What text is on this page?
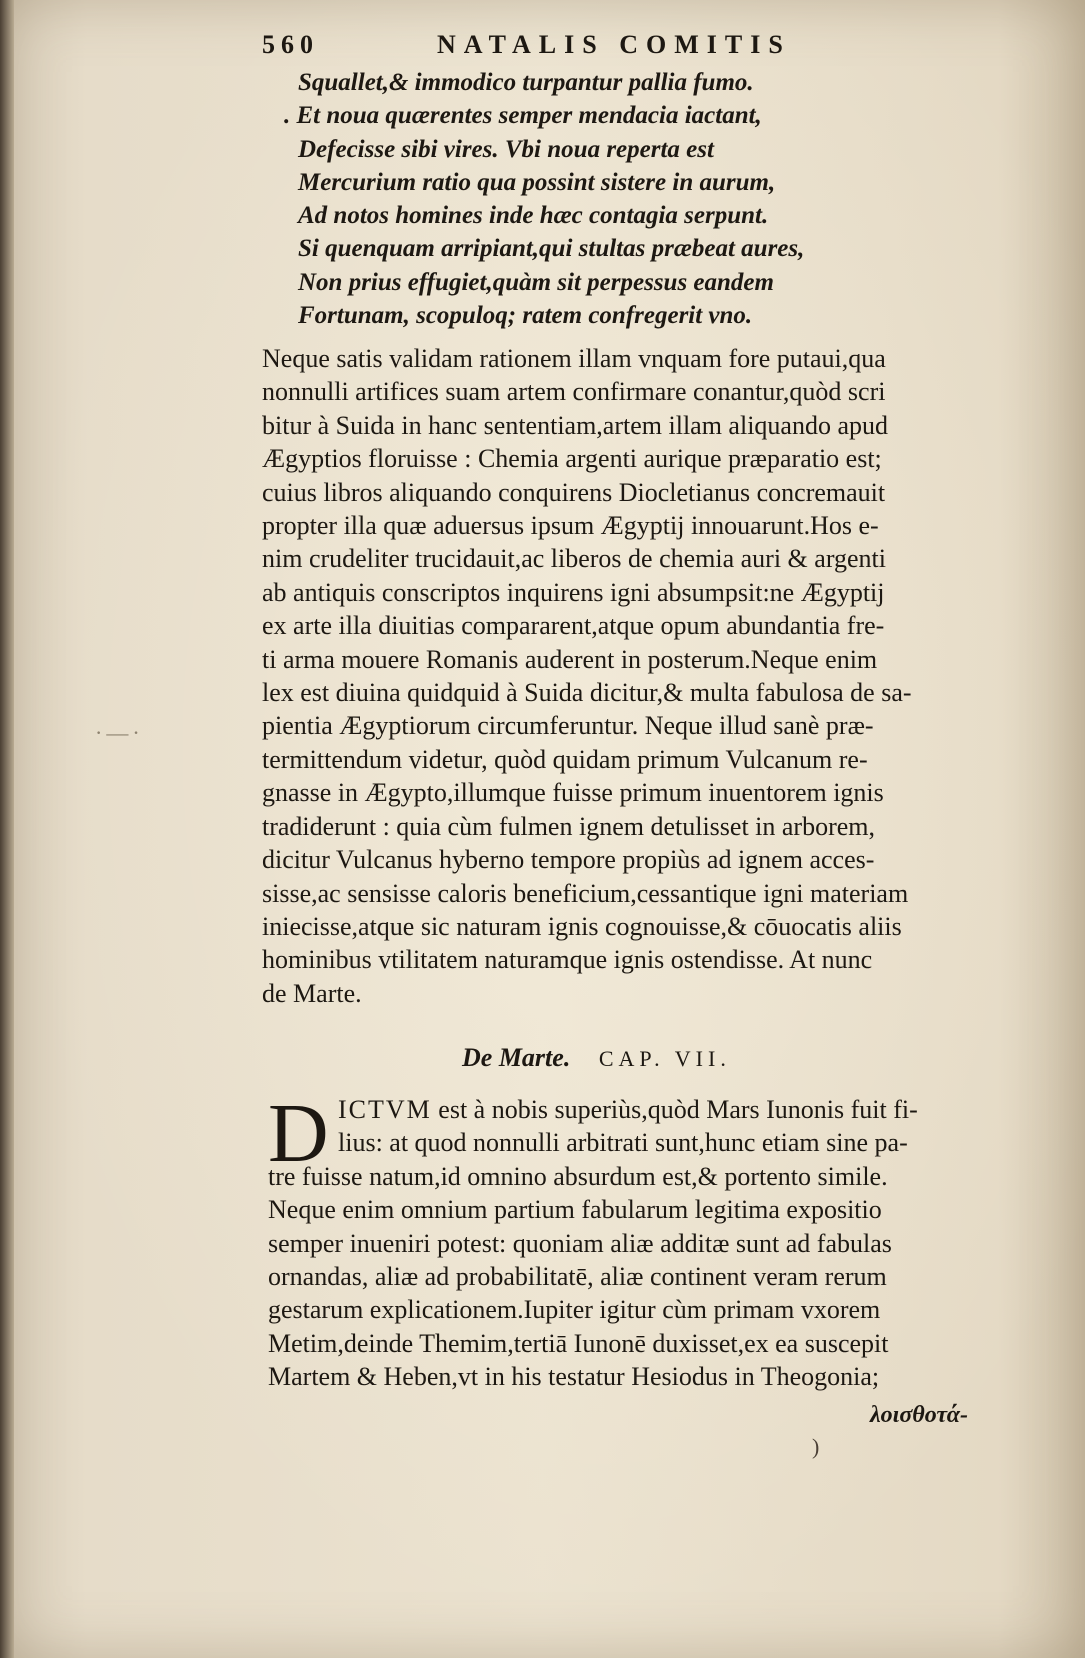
·—·
560	NATALIS COMITIS
Squallet,& immodico turpantur pallia fumo.
. Et noua quærentes semper mendacia iactant,
Defecisse sibi vires. Vbi noua reperta est
Mercurium ratio qua possint sistere in aurum,
Ad notos homines inde hæc contagia serpunt.
Si quenquam arripiant,qui stultas præbeat aures,
Non prius effugiet,quàm sit perpessus eandem
Fortunam, scopuloq; ratem confregerit vno.
Neque satis validam rationem illam vnquam fore putaui,qua
nonnulli artifices suam artem confirmare conantur,quòd scri
bitur à Suida in hanc sententiam,artem illam aliquando apud
Ægyptios floruisse : Chemia argenti aurique præparatio est;
cuius libros aliquando conquirens Diocletianus concremauit
propter illa quæ aduersus ipsum Ægyptij innouarunt.Hos e-
nim crudeliter trucidauit,ac liberos de chemia auri & argenti
ab antiquis conscriptos inquirens igni absumpsit:ne Ægyptij
ex arte illa diuitias compararent,atque opum abundantia fre-
ti arma mouere Romanis auderent in posterum.Neque enim
lex est diuina quidquid à Suida dicitur,& multa fabulosa de sa-
pientia Ægyptiorum circumferuntur. Neque illud sanè præ-
termittendum videtur, quòd quidam primum Vulcanum re-
gnasse in Ægypto,illumque fuisse primum inuentorem ignis
tradiderunt : quia cùm fulmen ignem detulisset in arborem,
dicitur Vulcanus hyberno tempore propiùs ad ignem acces-
sisse,ac sensisse caloris beneficium,cessantique igni materiam
iniecisse,atque sic naturam ignis cognouisse,& cōuocatis aliis
hominibus vtilitatem naturamque ignis ostendisse. At nunc
de Marte.
De Marte. CAP. VII.
D ICTVM est à nobis superiùs,quòd Mars Iunonis fuit fi-
lius: at quod nonnulli arbitrati sunt,hunc etiam sine pa-
tre fuisse natum,id omnino absurdum est,& portento simile.
Neque enim omnium partium fabularum legitima expositio
semper inueniri potest: quoniam aliæ additæ sunt ad fabulas
ornandas, aliæ ad probabilitatē, aliæ continent veram rerum
gestarum explicationem.Iupiter igitur cùm primam vxorem
Metim,deinde Themim,tertiā Iunonē duxisset,ex ea suscepit
Martem & Heben,vt in his testatur Hesiodus in Theogonia;
λοισθοτά-
)
